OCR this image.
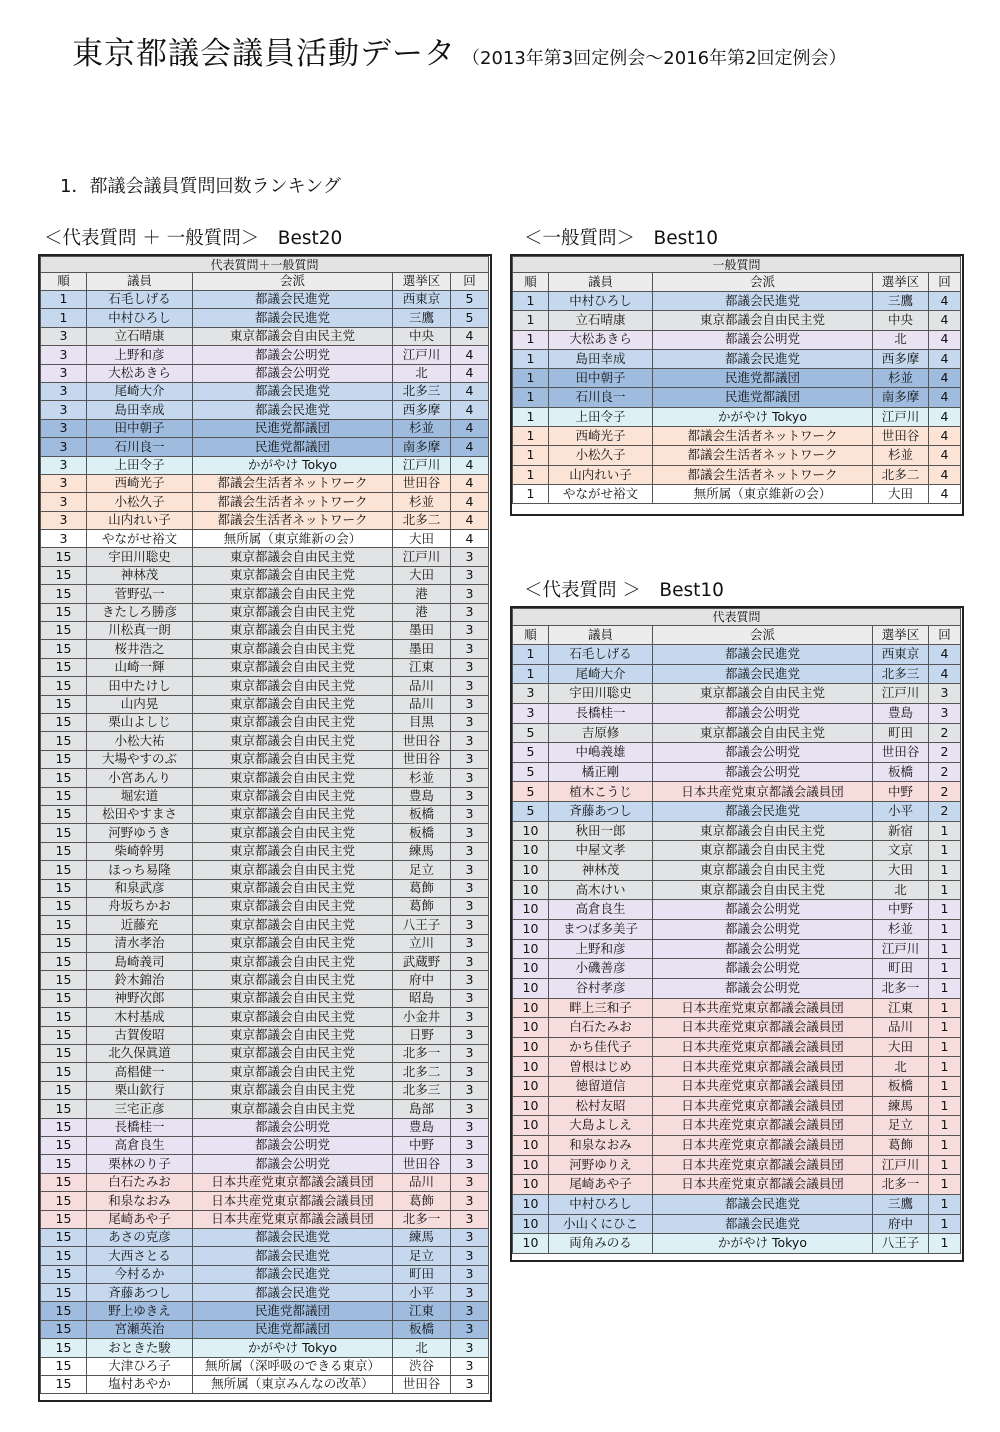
東京都議会議員活動データ （2013年第3回定例会～2016年第2回定例会）
1．都議会議員質問回数ランキング
＜代表質問 ＋ 一般質問＞　Best20	＜一般質問＞　Best10
＜代表質問 ＞　Best10
代表質問＋一般質問				
順	議員	会派	選挙区	回
1	石毛しげる	都議会民進党	西東京	5
1	中村ひろし	都議会民進党	三鷹	5
3	立石晴康	東京都議会自由民主党	中央	4
3	上野和彦	都議会公明党	江戸川	4
3	大松あきら	都議会公明党	北	4
3	尾崎大介	都議会民進党	北多三	4
3	島田幸成	都議会民進党	西多摩	4
3	田中朝子	民進党都議団	杉並	4
3	石川良一	民進党都議団	南多摩	4
3	上田令子	かがやけ Tokyo	江戸川	4
3	西崎光子	都議会生活者ネットワーク	世田谷	4
3	小松久子	都議会生活者ネットワーク	杉並	4
3	山内れい子	都議会生活者ネットワーク	北多二	4
3	やながせ裕文	無所属（東京維新の会）	大田	4
15	宇田川聡史	東京都議会自由民主党	江戸川	3
15	神林茂	東京都議会自由民主党	大田	3
15	菅野弘一	東京都議会自由民主党	港	3
15	きたしろ勝彦	東京都議会自由民主党	港	3
15	川松真一朗	東京都議会自由民主党	墨田	3
15	桜井浩之	東京都議会自由民主党	墨田	3
15	山崎一輝	東京都議会自由民主党	江東	3
15	田中たけし	東京都議会自由民主党	品川	3
15	山内晃	東京都議会自由民主党	品川	3
15	栗山よしじ	東京都議会自由民主党	目黒	3
15	小松大祐	東京都議会自由民主党	世田谷	3
15	大場やすのぶ	東京都議会自由民主党	世田谷	3
15	小宮あんり	東京都議会自由民主党	杉並	3
15	堀宏道	東京都議会自由民主党	豊島	3
15	松田やすまさ	東京都議会自由民主党	板橋	3
15	河野ゆうき	東京都議会自由民主党	板橋	3
15	柴崎幹男	東京都議会自由民主党	練馬	3
15	ほっち易隆	東京都議会自由民主党	足立	3
15	和泉武彦	東京都議会自由民主党	葛飾	3
15	舟坂ちかお	東京都議会自由民主党	葛飾	3
15	近藤充	東京都議会自由民主党	八王子	3
15	清水孝治	東京都議会自由民主党	立川	3
15	島崎義司	東京都議会自由民主党	武蔵野	3
15	鈴木錦治	東京都議会自由民主党	府中	3
15	神野次郎	東京都議会自由民主党	昭島	3
15	木村基成	東京都議会自由民主党	小金井	3
15	古賀俊昭	東京都議会自由民主党	日野	3
15	北久保眞道	東京都議会自由民主党	北多一	3
15	高椙健一	東京都議会自由民主党	北多二	3
15	栗山欽行	東京都議会自由民主党	北多三	3
15	三宅正彦	東京都議会自由民主党	島部	3
15	長橋桂一	都議会公明党	豊島	3
15	高倉良生	都議会公明党	中野	3
15	栗林のり子	都議会公明党	世田谷	3
15	白石たみお	日本共産党東京都議会議員団	品川	3
15	和泉なおみ	日本共産党東京都議会議員団	葛飾	3
15	尾崎あや子	日本共産党東京都議会議員団	北多一	3
15	あさの克彦	都議会民進党	練馬	3
15	大西さとる	都議会民進党	足立	3
15	今村るか	都議会民進党	町田	3
15	斉藤あつし	都議会民進党	小平	3
15	野上ゆきえ	民進党都議団	江東	3
15	宮瀬英治	民進党都議団	板橋	3
15	おときた駿	かがやけ Tokyo	北	3
15	大津ひろ子	無所属（深呼吸のできる東京）	渋谷	3
15	塩村あやか	無所属（東京みんなの改革）	世田谷	3
一般質問				
順	議員	会派	選挙区	回
1	中村ひろし	都議会民進党	三鷹	4
1	立石晴康	東京都議会自由民主党	中央	4
1	大松あきら	都議会公明党	北	4
1	島田幸成	都議会民進党	西多摩	4
1	田中朝子	民進党都議団	杉並	4
1	石川良一	民進党都議団	南多摩	4
1	上田令子	かがやけ Tokyo	江戸川	4
1	西崎光子	都議会生活者ネットワーク	世田谷	4
1	小松久子	都議会生活者ネットワーク	杉並	4
1	山内れい子	都議会生活者ネットワーク	北多二	4
1	やながせ裕文	無所属（東京維新の会）	大田	4
代表質問				
順	議員	会派	選挙区	回
1	石毛しげる	都議会民進党	西東京	4
1	尾崎大介	都議会民進党	北多三	4
3	宇田川聡史	東京都議会自由民主党	江戸川	3
3	長橋桂一	都議会公明党	豊島	3
5	吉原修	東京都議会自由民主党	町田	2
5	中嶋義雄	都議会公明党	世田谷	2
5	橘正剛	都議会公明党	板橋	2
5	植木こうじ	日本共産党東京都議会議員団	中野	2
5	斉藤あつし	都議会民進党	小平	2
10	秋田一郎	東京都議会自由民主党	新宿	1
10	中屋文孝	東京都議会自由民主党	文京	1
10	神林茂	東京都議会自由民主党	大田	1
10	高木けい	東京都議会自由民主党	北	1
10	高倉良生	都議会公明党	中野	1
10	まつば多美子	都議会公明党	杉並	1
10	上野和彦	都議会公明党	江戸川	1
10	小磯善彦	都議会公明党	町田	1
10	谷村孝彦	都議会公明党	北多一	1
10	畔上三和子	日本共産党東京都議会議員団	江東	1
10	白石たみお	日本共産党東京都議会議員団	品川	1
10	かち佳代子	日本共産党東京都議会議員団	大田	1
10	曽根はじめ	日本共産党東京都議会議員団	北	1
10	徳留道信	日本共産党東京都議会議員団	板橋	1
10	松村友昭	日本共産党東京都議会議員団	練馬	1
10	大島よしえ	日本共産党東京都議会議員団	足立	1
10	和泉なおみ	日本共産党東京都議会議員団	葛飾	1
10	河野ゆりえ	日本共産党東京都議会議員団	江戸川	1
10	尾崎あや子	日本共産党東京都議会議員団	北多一	1
10	中村ひろし	都議会民進党	三鷹	1
10	小山くにひこ	都議会民進党	府中	1
10	両角みのる	かがやけ Tokyo	八王子	1
